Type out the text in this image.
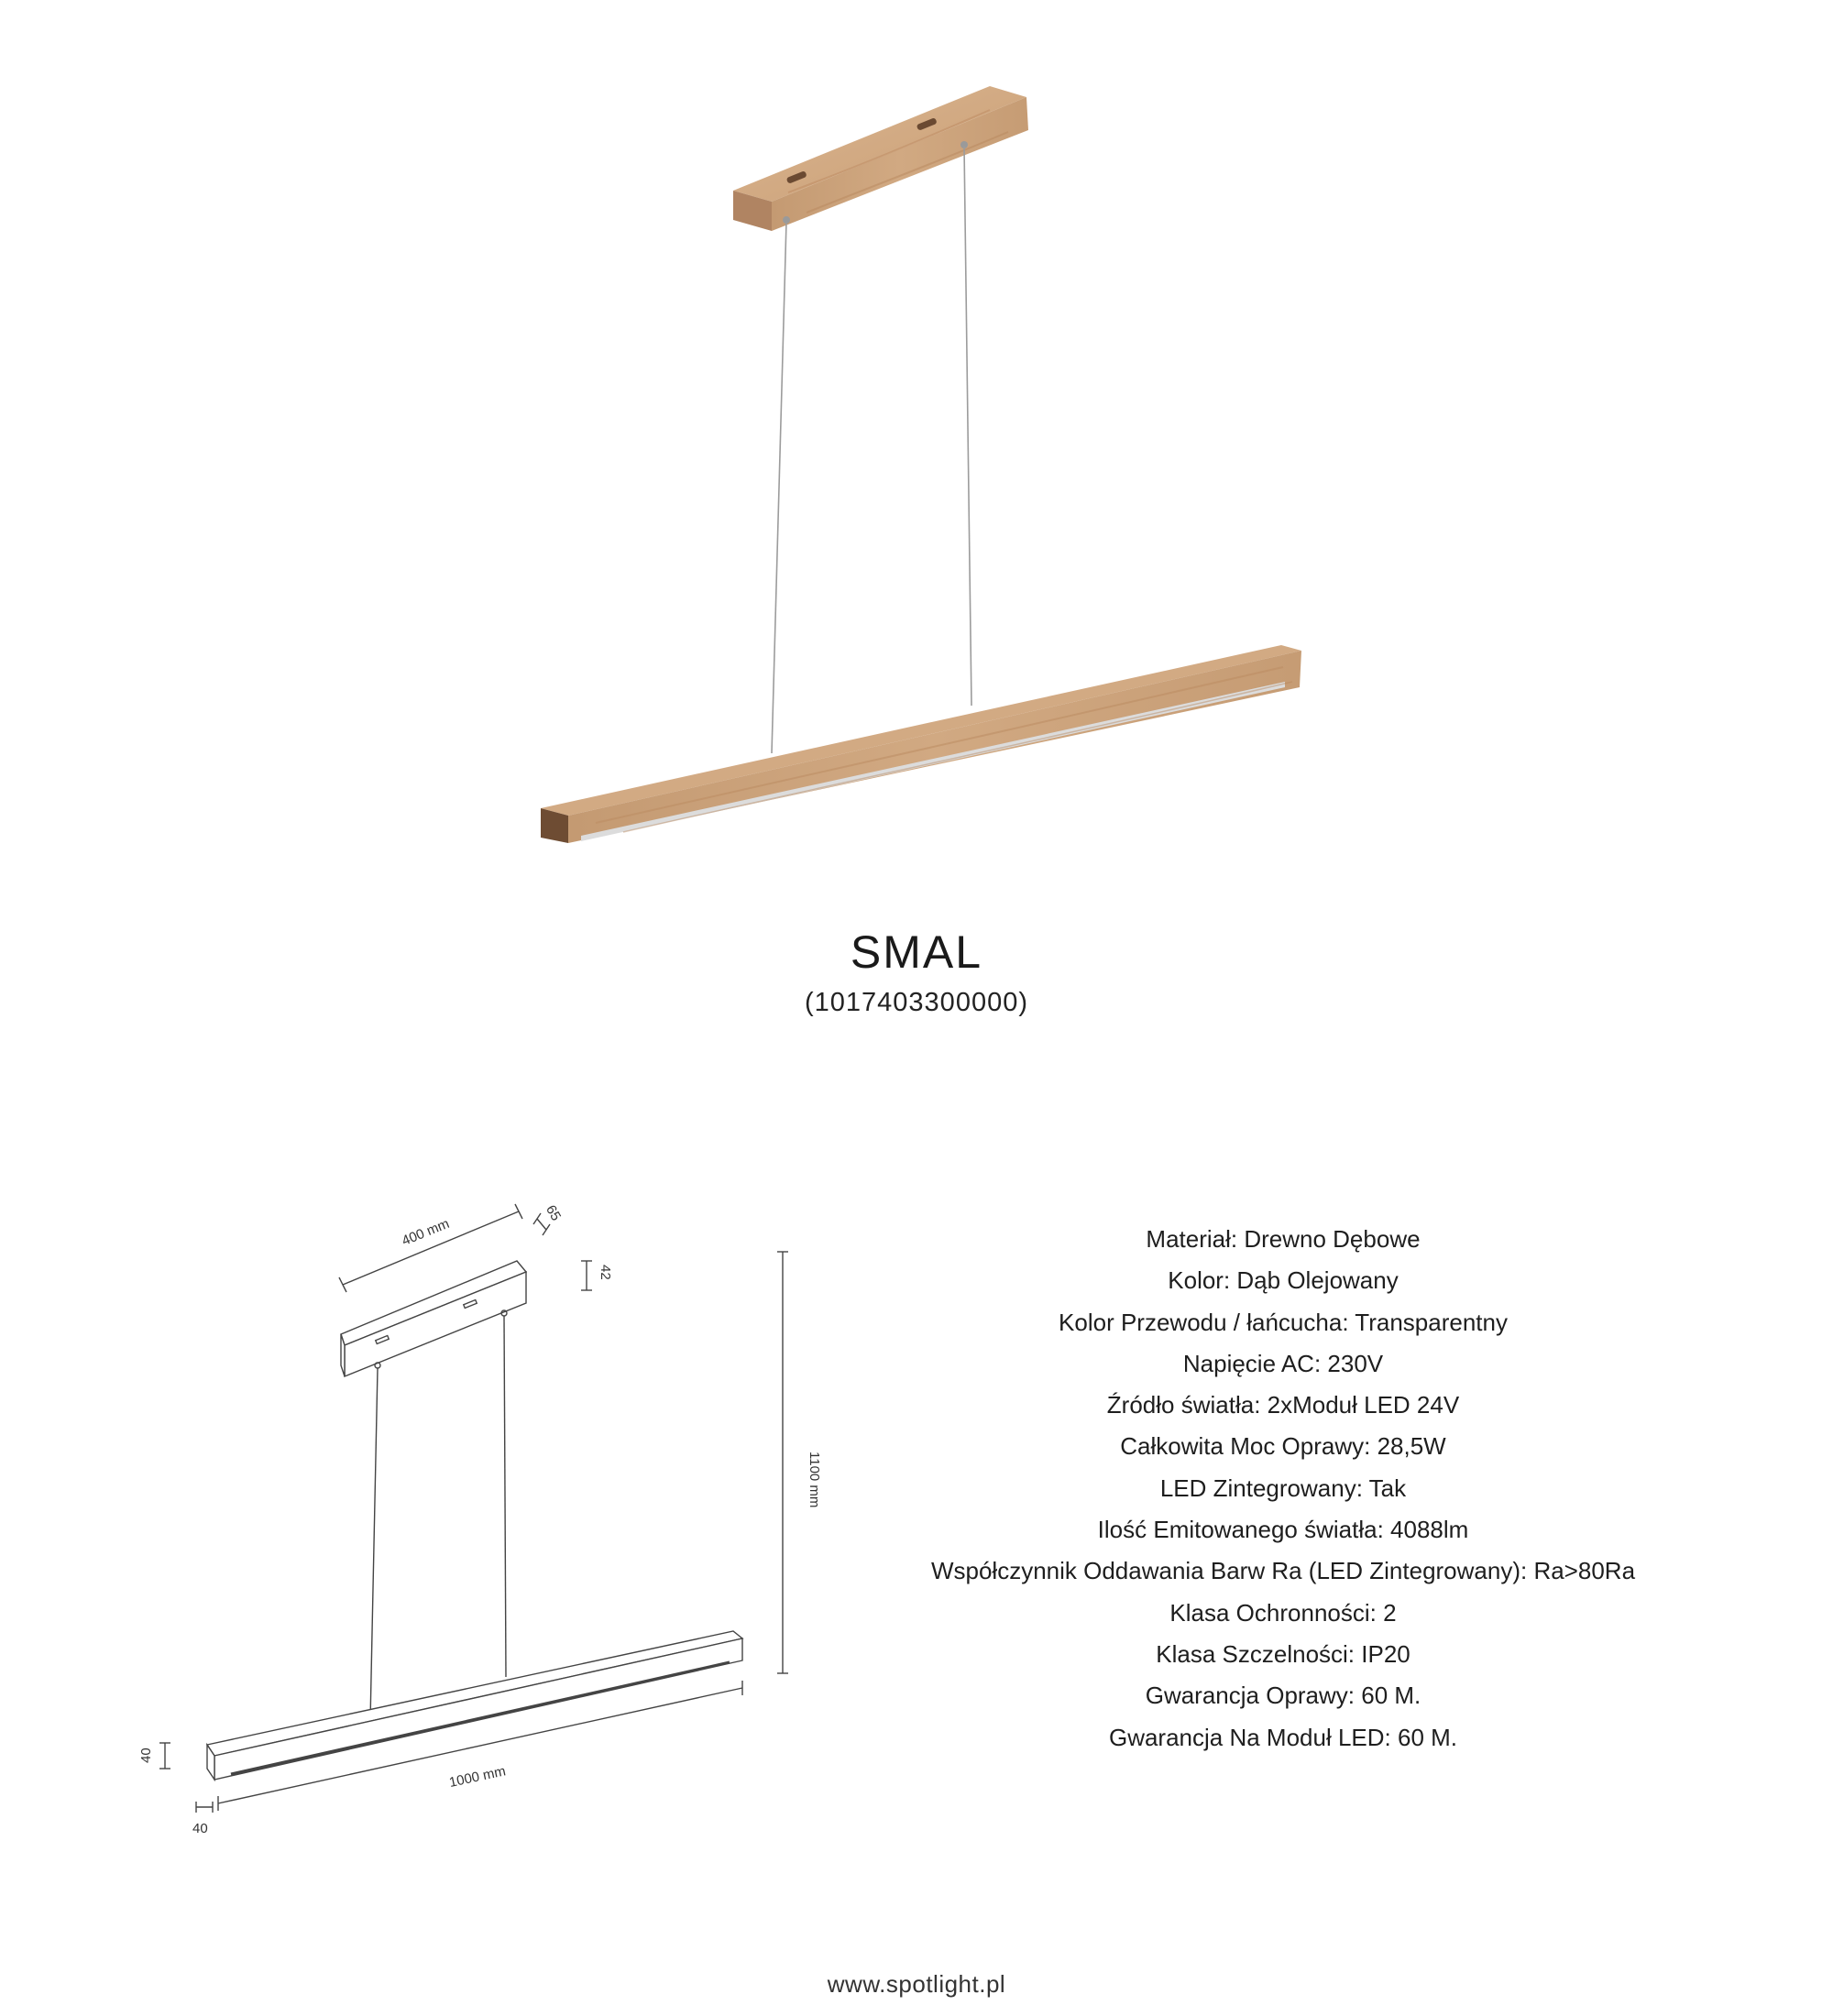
SMAL
(1017403300000)
400 mm
65
42
1100 mm
1000 mm
40
40
Materiał: Drewno Dębowe
Kolor: Dąb Olejowany
Kolor Przewodu / łańcucha: Transparentny
Napięcie AC: 230V
Źródło światła: 2xModuł LED 24V
Całkowita Moc Oprawy: 28,5W
LED Zintegrowany: Tak
Ilość Emitowanego światła: 4088lm
Współczynnik Oddawania Barw Ra (LED Zintegrowany): Ra>80Ra
Klasa Ochronności: 2
Klasa Szczelności: IP20
Gwarancja Oprawy: 60 M.
Gwarancja Na Moduł LED: 60 M.
www.spotlight.pl
